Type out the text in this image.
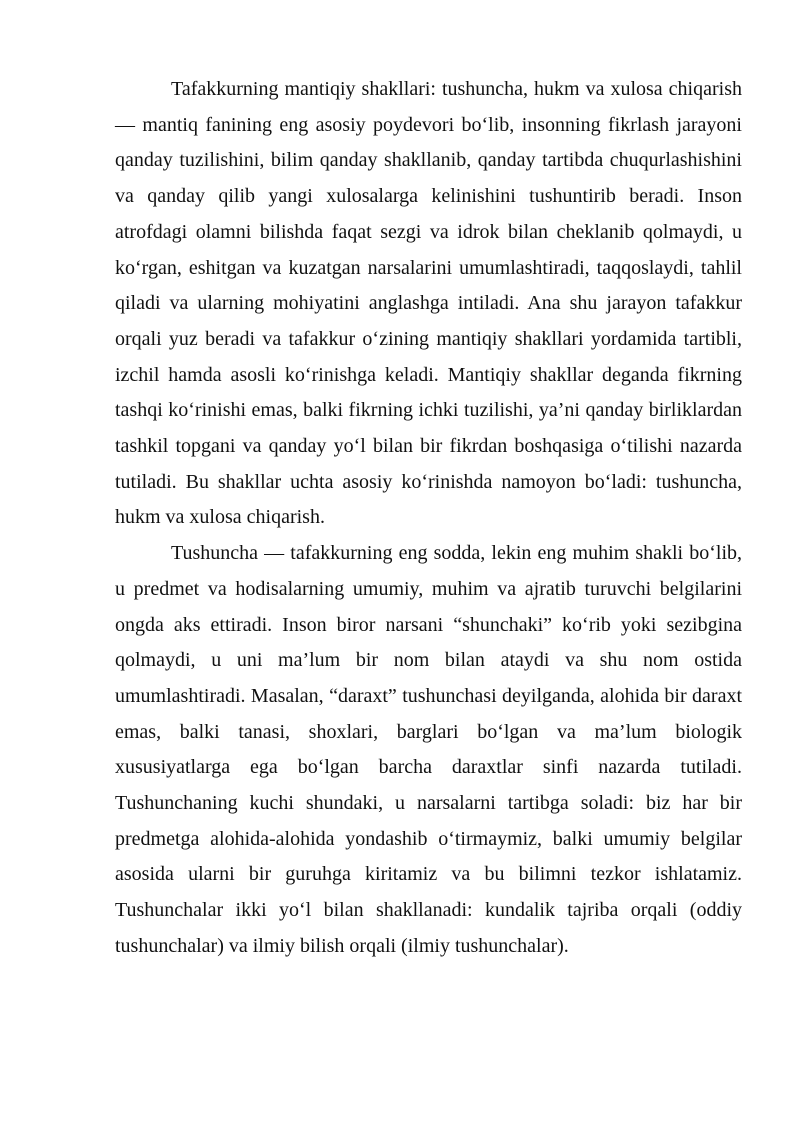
Tafakkurning mantiqiy shakllari: tushuncha, hukm va xulosa chiqarish — mantiq fanining eng asosiy poydevori bo‘lib, insonning fikrlash jarayoni qanday tuzilishini, bilim qanday shakllanib, qanday tartibda chuqurlashishini va qanday qilib yangi xulosalarga kelinishini tushuntirib beradi. Inson atrofdagi olamni bilishda faqat sezgi va idrok bilan cheklanib qolmaydi, u ko‘rgan, eshitgan va kuzatgan narsalarini umumlashtiradi, taqqoslaydi, tahlil qiladi va ularning mohiyatini anglashga intiladi. Ana shu jarayon tafakkur orqali yuz beradi va tafakkur o‘zining mantiqiy shakllari yordamida tartibli, izchil hamda asosli ko‘rinishga keladi. Mantiqiy shakllar deganda fikrning tashqi ko‘rinishi emas, balki fikrning ichki tuzilishi, ya’ni qanday birliklardan tashkil topgani va qanday yo‘l bilan bir fikrdan boshqasiga o‘tilishi nazarda tutiladi. Bu shakllar uchta asosiy ko‘rinishda namoyon bo‘ladi: tushuncha, hukm va xulosa chiqarish.

Tushuncha — tafakkurning eng sodda, lekin eng muhim shakli bo‘lib, u predmet va hodisalarning umumiy, muhim va ajratib turuvchi belgilarini ongda aks ettiradi. Inson biror narsani “shunchaki” ko‘rib yoki sezibgina qolmaydi, u uni ma’lum bir nom bilan ataydi va shu nom ostida umumlashtiradi. Masalan, “daraxt” tushunchasi deyilganda, alohida bir daraxt emas, balki tanasi, shoxlari, barglari bo‘lgan va ma’lum biologik xususiyatlarga ega bo‘lgan barcha daraxtlar sinfi nazarda tutiladi. Tushunchaning kuchi shundaki, u narsalarni tartibga soladi: biz har bir predmetga alohida-alohida yondashib o‘tirmaymiz, balki umumiy belgilar asosida ularni bir guruhga kiritamiz va bu bilimni tezkor ishlatamiz. Tushunchalar ikki yo‘l bilan shakllanadi: kundalik tajriba orqali (oddiy tushunchalar) va ilmiy bilish orqali (ilmiy tushunchalar).
